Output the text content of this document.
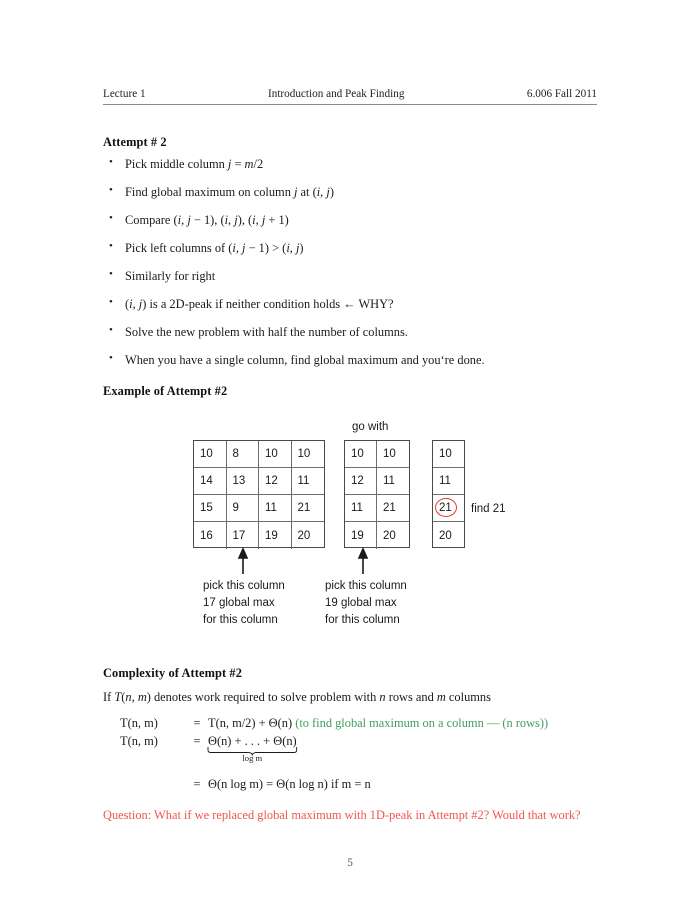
Lecture 1	Introduction and Peak Finding	6.006 Fall 2011
Attempt # 2
• Pick middle column j = m/2
• Find global maximum on column j at (i, j)
• Compare (i, j − 1), (i, j), (i, j + 1)
• Pick left columns of (i, j − 1) > (i, j)
• Similarly for right
• (i, j) is a 2D-peak if neither condition holds ← WHY?
• Solve the new problem with half the number of columns.
• When you have a single column, find global maximum and you‘re done.
Example of Attempt #2
go with
find 21
10	8	10	10
14	13	12	11
15	9	11	21
16	17	19	20
10	10
12	11
11	21
19	20
10
11
21
20
pick this column
17 global max
for this column
pick this column
19 global max
for this column
Complexity of Attempt #2
If T(n, m) denotes work required to solve problem with n rows and m columns
T(n, m)	= T(n, m/2) + Θ(n) (to find global maximum on a column — (n rows))
T(n, m)	= Θ(n) + . . . + Θ(n)
log m
= Θ(n log m) = Θ(n log n) if m = n
Question: What if we replaced global maximum with 1D-peak in Attempt #2? Would that work?
5
